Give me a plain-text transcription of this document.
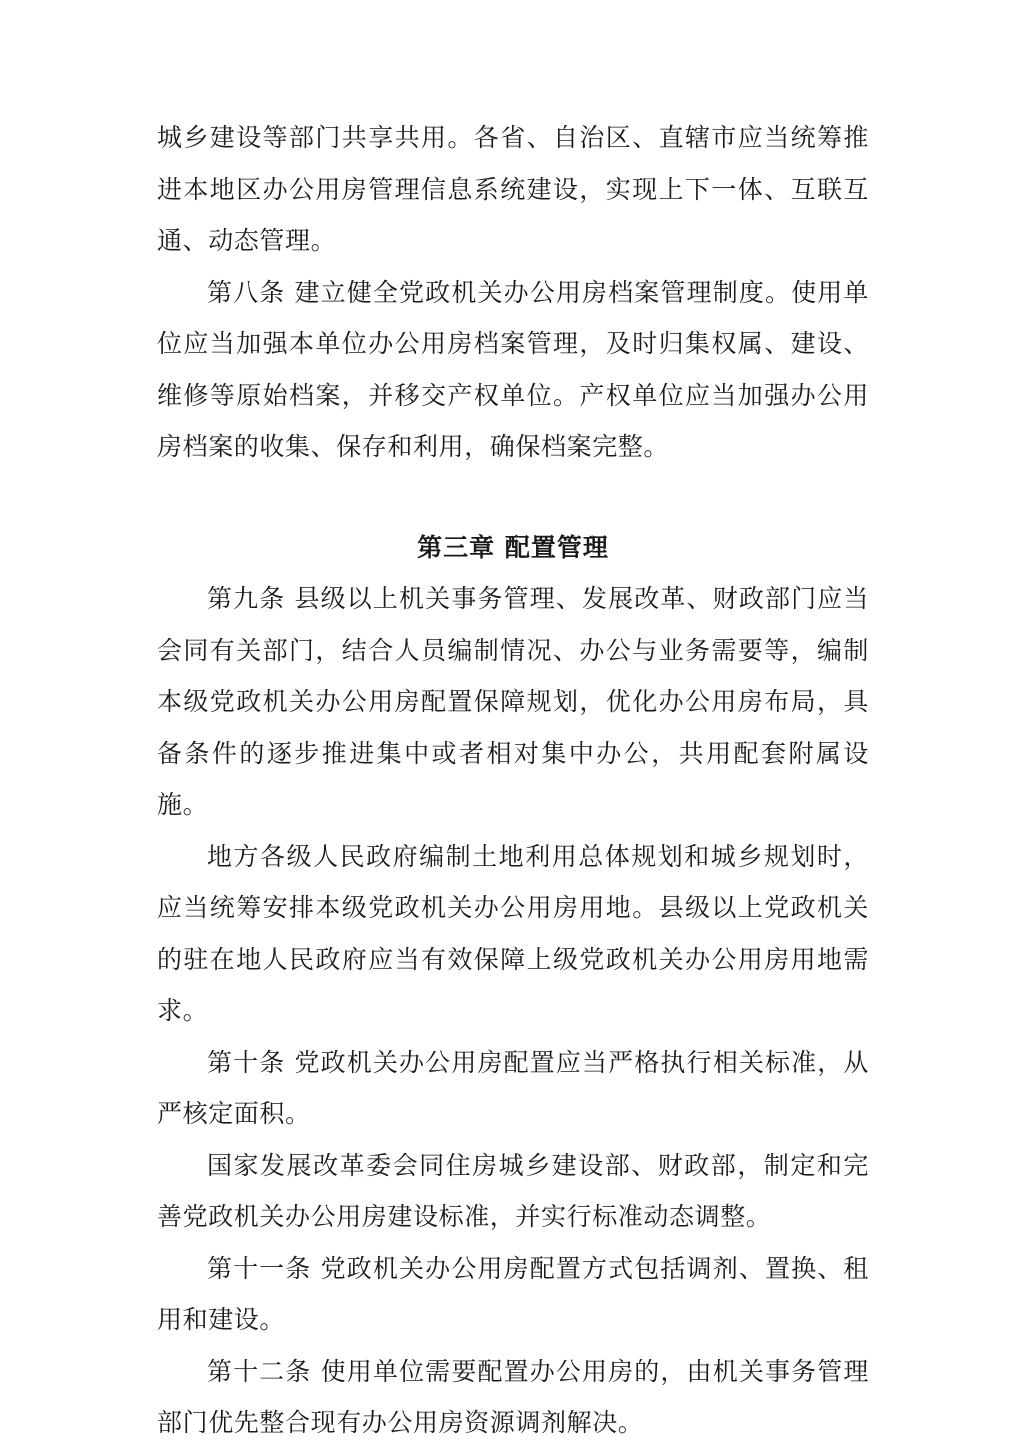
城乡建设等部门共享共用。各省、自治区、直辖市应当统筹推进本地区办公用房管理信息系统建设，实现上下一体、互联互通、动态管理。

第八条 建立健全党政机关办公用房档案管理制度。使用单位应当加强本单位办公用房档案管理，及时归集权属、建设、维修等原始档案，并移交产权单位。产权单位应当加强办公用房档案的收集、保存和利用，确保档案完整。

第三章 配置管理

第九条 县级以上机关事务管理、发展改革、财政部门应当会同有关部门，结合人员编制情况、办公与业务需要等，编制本级党政机关办公用房配置保障规划，优化办公用房布局，具备条件的逐步推进集中或者相对集中办公，共用配套附属设施。

地方各级人民政府编制土地利用总体规划和城乡规划时，应当统筹安排本级党政机关办公用房用地。县级以上党政机关的驻在地人民政府应当有效保障上级党政机关办公用房用地需求。

第十条 党政机关办公用房配置应当严格执行相关标准，从严核定面积。

国家发展改革委会同住房城乡建设部、财政部，制定和完善党政机关办公用房建设标准，并实行标准动态调整。

第十一条 党政机关办公用房配置方式包括调剂、置换、租用和建设。

第十二条 使用单位需要配置办公用房的，由机关事务管理部门优先整合现有办公用房资源调剂解决。
